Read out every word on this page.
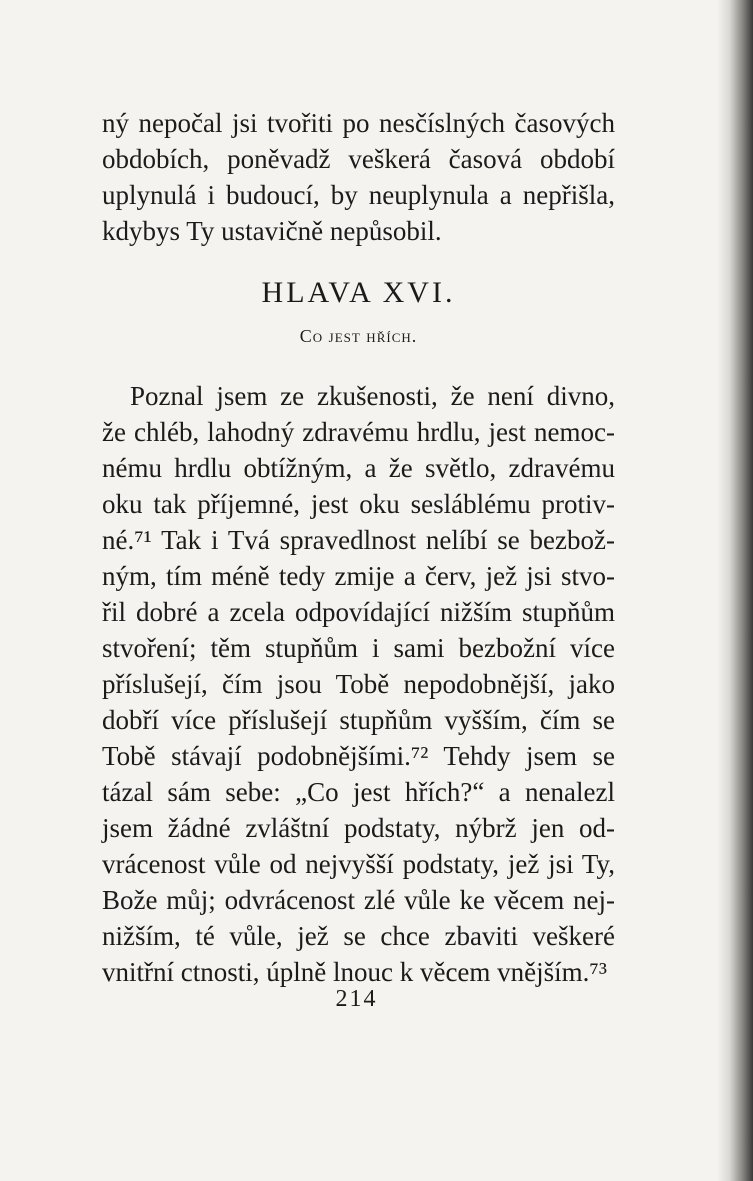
ný nepočal jsi tvořiti po nesčíslných časových
obdobích, poněvadž veškerá časová období
uplynulá i budoucí, by neuplynula a nepřišla,
kdybys Ty ustavičně nepůsobil.
HLAVA XVI.
Co jest hřích.
Poznal jsem ze zkušenosti, že není divno,
že chléb, lahodný zdravému hrdlu, jest nemoc-
nému hrdlu obtížným, a že světlo, zdravému
oku tak příjemné, jest oku sesláblému protiv-
né.⁷¹ Tak i Tvá spravedlnost nelíbí se bezbož-
ným, tím méně tedy zmije a červ, jež jsi stvo-
řil dobré a zcela odpovídající nižším stupňům
stvoření; těm stupňům i sami bezbožní více
příslušejí, čím jsou Tobě nepodobnější, jako
dobří více příslušejí stupňům vyšším, čím se
Tobě stávají podobnějšími.⁷² Tehdy jsem se
tázal sám sebe: „Co jest hřích?“ a nenalezl
jsem žádné zvláštní podstaty, nýbrž jen od-
vrácenost vůle od nejvyšší podstaty, jež jsi Ty,
Bože můj; odvrácenost zlé vůle ke věcem nej-
nižším, té vůle, jež se chce zbaviti veškeré
vnitřní ctnosti, úplně lnouc k věcem vnějším.⁷³
214
